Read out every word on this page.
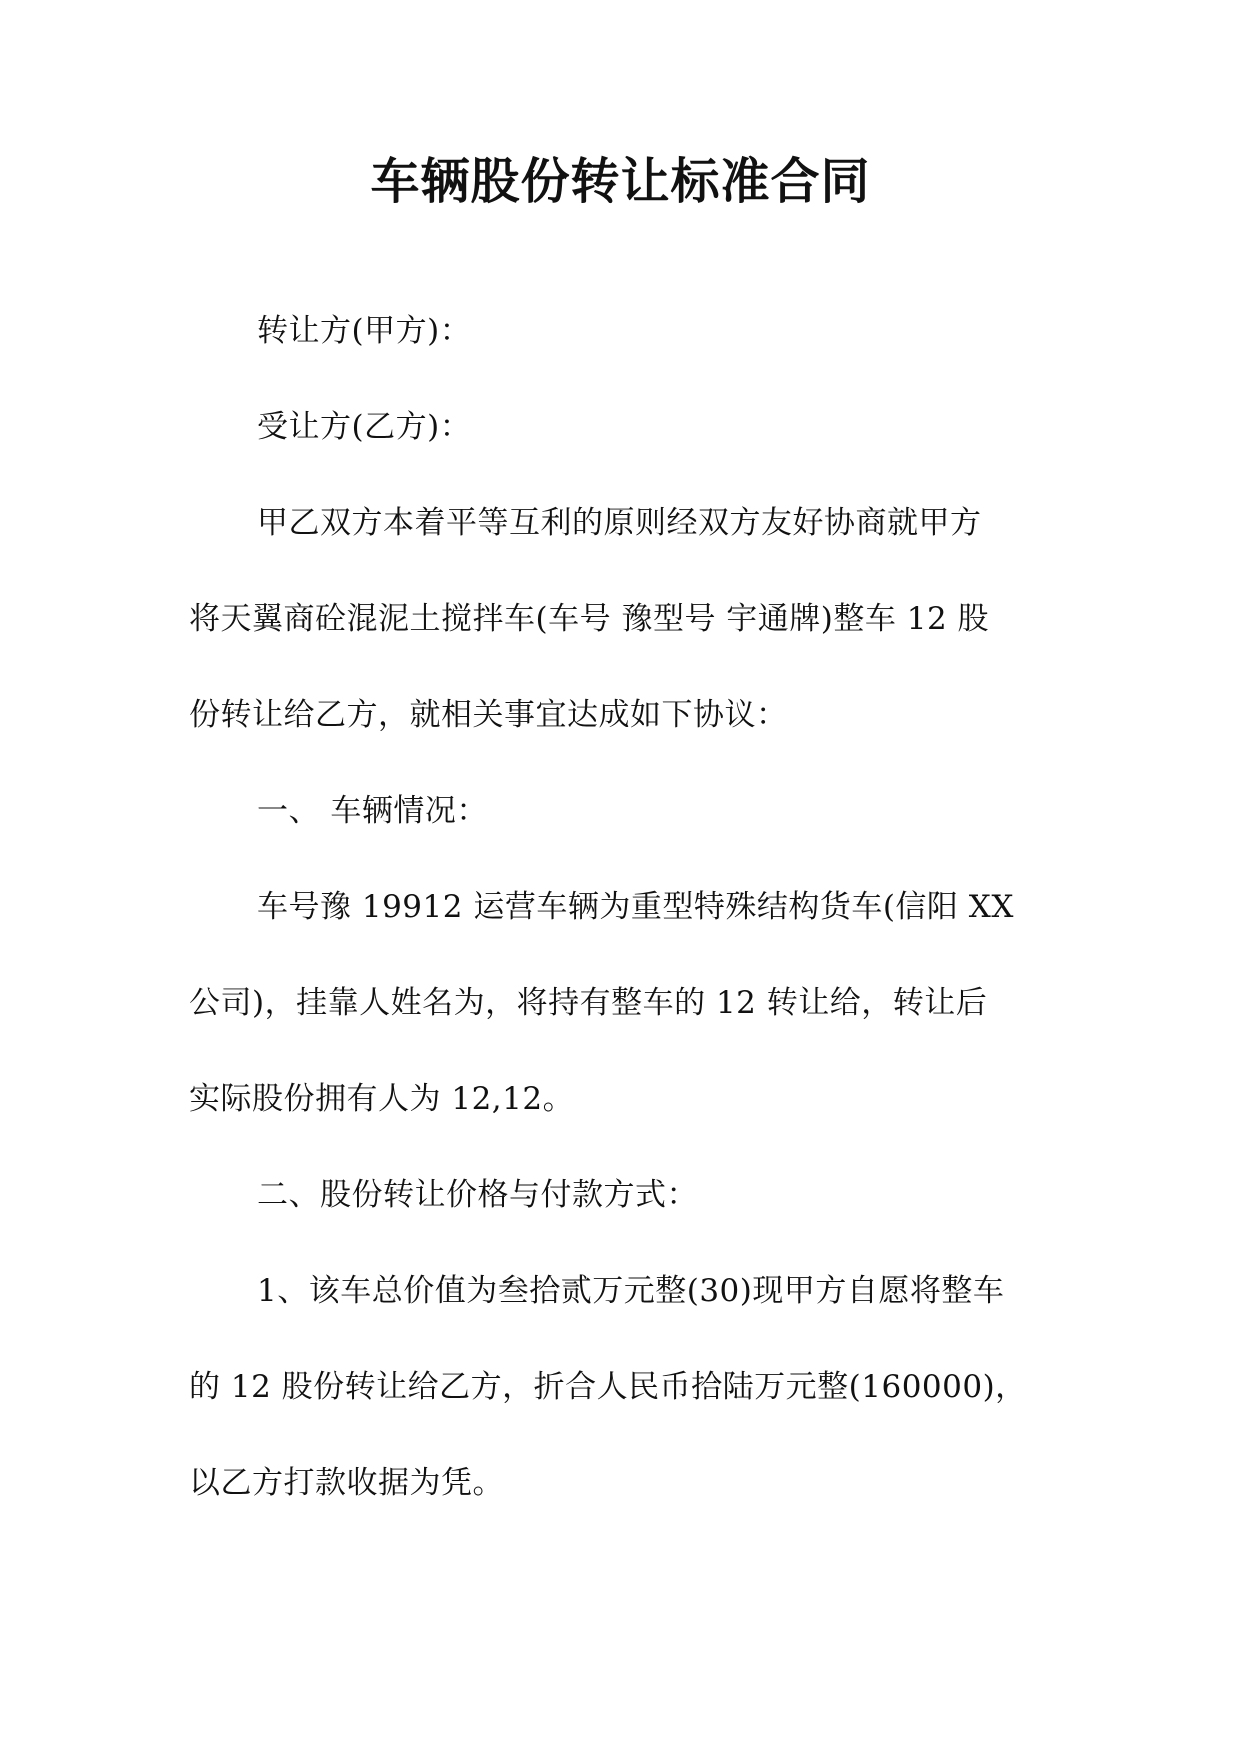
车辆股份转让标准合同
转让方(甲方)：
受让方(乙方)：
甲乙双方本着平等互利的原则经双方友好协商就甲方
将天翼商砼混泥土搅拌车(车号 豫型号 宇通牌)整车 12 股
份转让给乙方，就相关事宜达成如下协议：
一、 车辆情况：
车号豫 19912 运营车辆为重型特殊结构货车(信阳 XX
公司)，挂靠人姓名为，将持有整车的 12 转让给，转让后
实际股份拥有人为 12,12。
二、股份转让价格与付款方式：
1、该车总价值为叁拾贰万元整(30)现甲方自愿将整车
的 12 股份转让给乙方，折合人民币拾陆万元整(160000)，
以乙方打款收据为凭。
